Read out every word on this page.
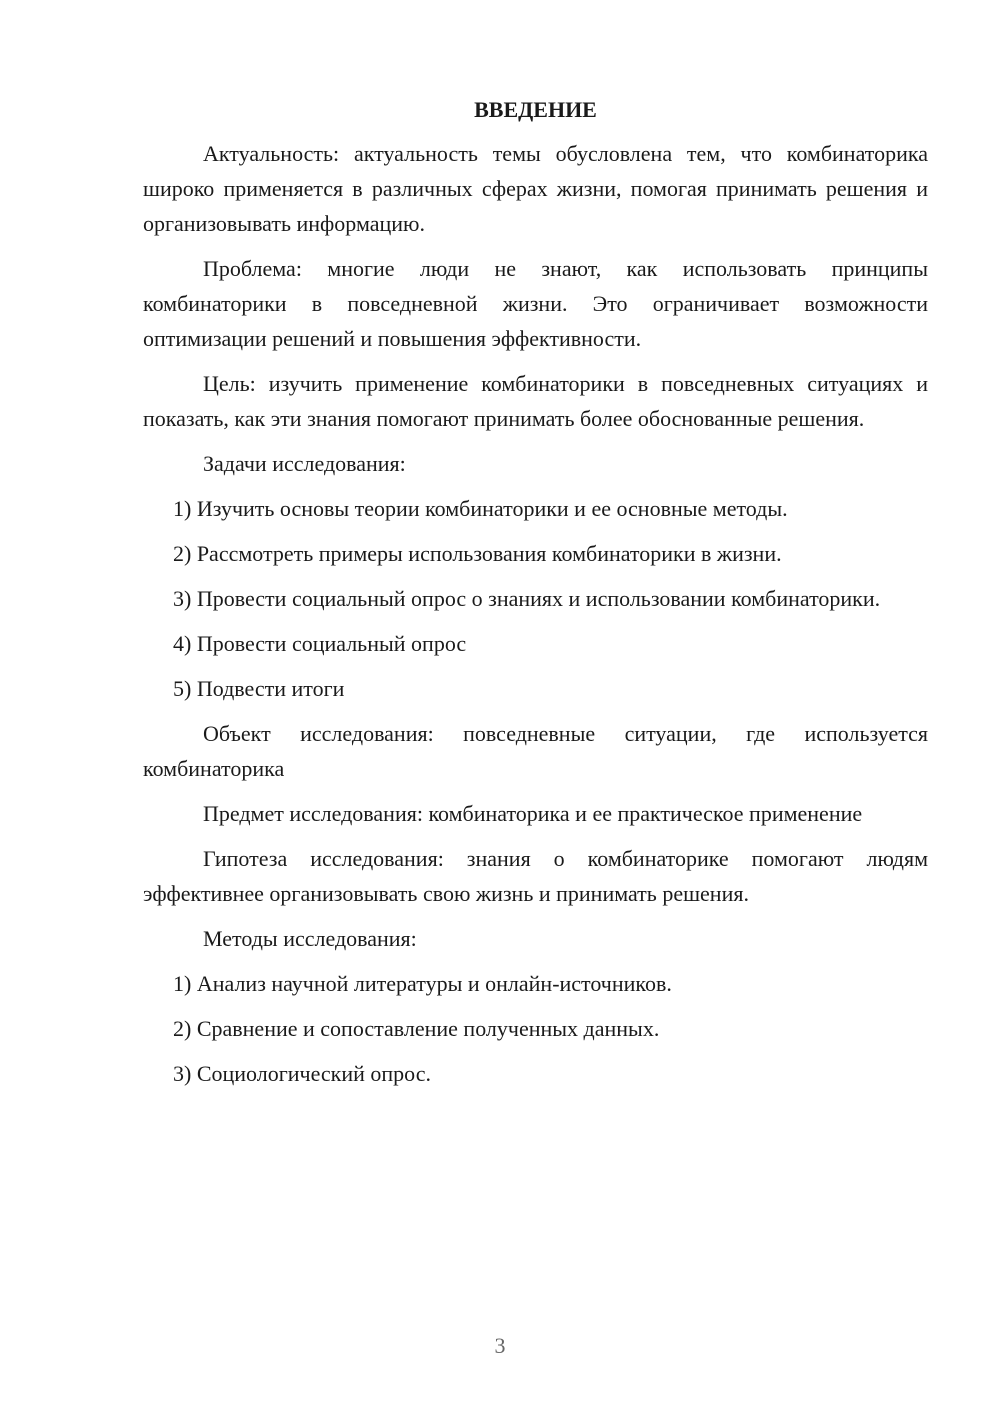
ВВЕДЕНИЕ

Актуальность: актуальность темы обусловлена тем, что комбинаторика широко применяется в различных сферах жизни, помогая принимать решения и организовывать информацию.

Проблема: многие люди не знают, как использовать принципы комбинаторики в повседневной жизни. Это ограничивает возможности оптимизации решений и повышения эффективности.

Цель: изучить применение комбинаторики в повседневных ситуациях и показать, как эти знания помогают принимать более обоснованные решения.

Задачи исследования:

1) Изучить основы теории комбинаторики и ее основные методы.

2) Рассмотреть примеры использования комбинаторики в жизни.

3) Провести социальный опрос о знаниях и использовании комбинаторики.

4) Провести социальный опрос

5) Подвести итоги

Объект исследования: повседневные ситуации, где используется комбинаторика

Предмет исследования: комбинаторика и ее практическое применение

Гипотеза исследования: знания о комбинаторике помогают людям эффективнее организовывать свою жизнь и принимать решения.

Методы исследования:

1) Анализ научной литературы и онлайн-источников.

2) Сравнение и сопоставление полученных данных.

3) Социологический опрос.

3
